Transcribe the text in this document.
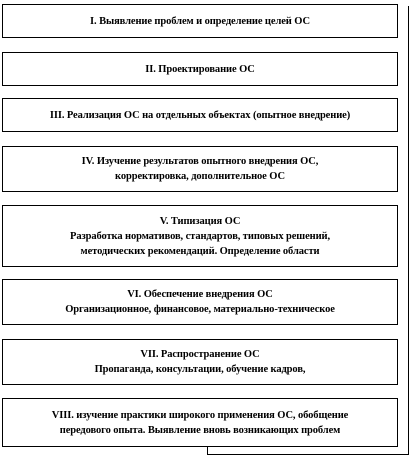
I. Выявление проблем и определение целей ОС
II. Проектирование ОС
III. Реализация ОС на отдельных объектах (опытное внедрение)
IV. Изучение результатов опытного внедрения ОС,
корректировка, дополнительное ОС
V. Типизация ОС
Разработка нормативов, стандартов, типовых решений,
методических рекомендаций. Определение области
VI. Обеспечение внедрения ОС
Организационное, финансовое, материально-техническое
VII. Распространение ОС
Пропаганда, консультации, обучение кадров,
VIII. изучение практики широкого применения ОС, обобщение
передового опыта. Выявление вновь возникающих проблем
